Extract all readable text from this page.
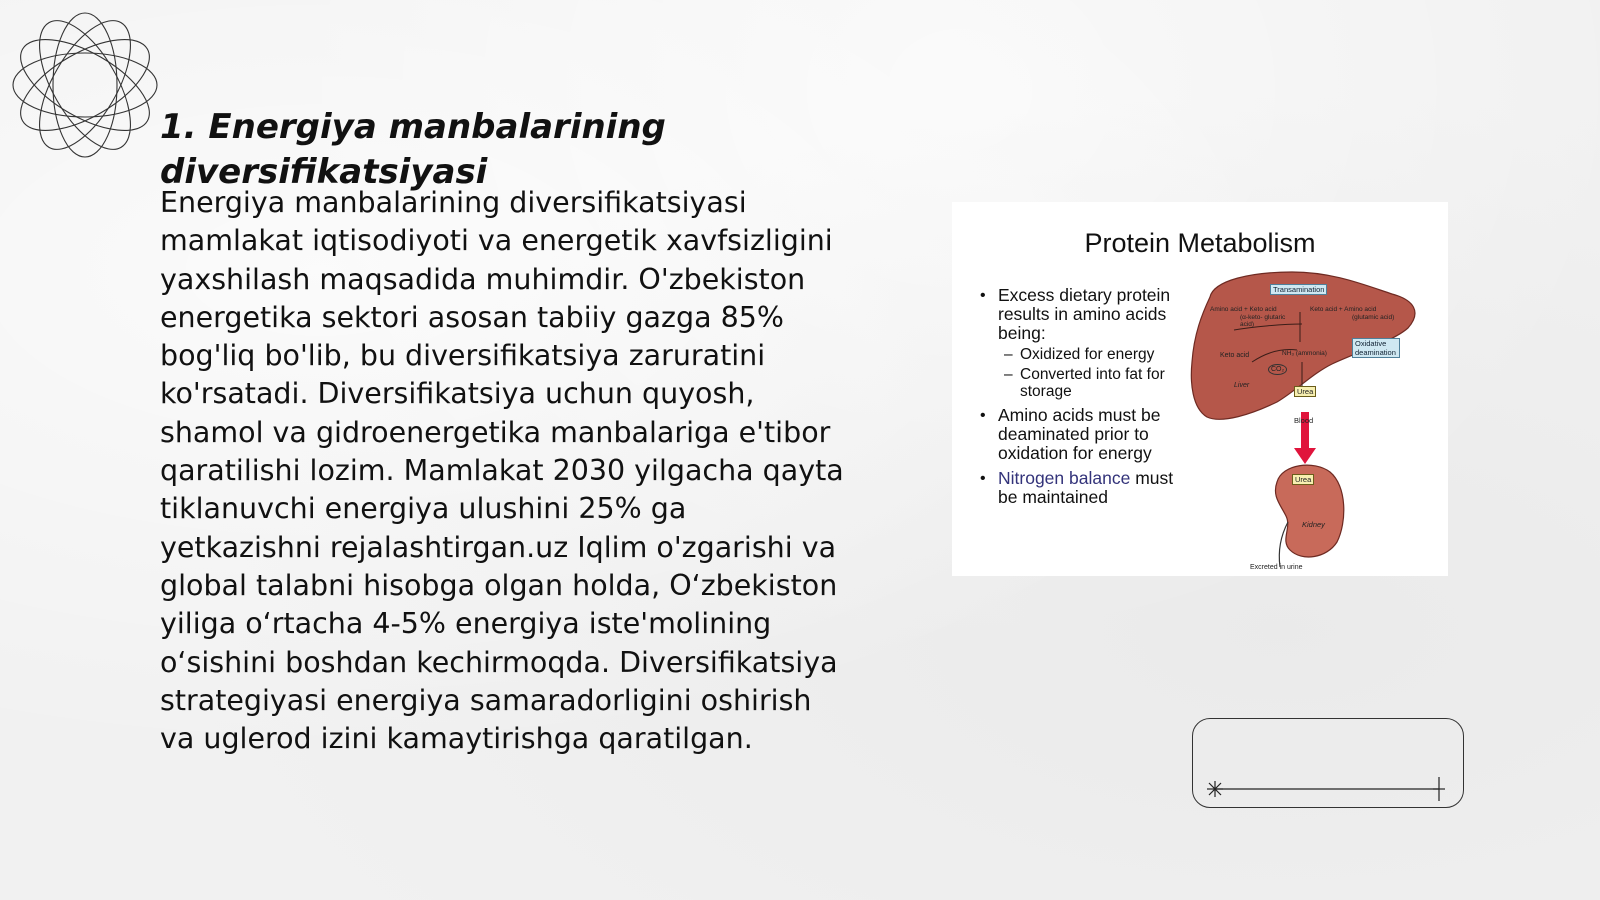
1. Energiya manbalarining diversifikatsiyasi

Energiya manbalarining diversifikatsiyasi mamlakat iqtisodiyoti va energetik xavfsizligini yaxshilash maqsadida muhimdir. O'zbekiston energetika sektori asosan tabiiy gazga 85% bog'liq bo'lib, bu diversifikatsiya zaruratini ko'rsatadi. Diversifikatsiya uchun quyosh, shamol va gidroenergetika manbalariga e'tibor qaratilishi lozim. Mamlakat 2030 yilgacha qayta tiklanuvchi energiya ulushini 25% ga yetkazishni rejalashtirgan.uz Iqlim o'zgarishi va global talabni hisobga olgan holda, O‘zbekiston yiliga o‘rtacha 4-5% energiya iste'molining o‘sishini boshdan kechirmoqda. Diversifikatsiya strategiyasi energiya samaradorligini oshirish va uglerod izini kamaytirishga qaratilgan.

Protein Metabolism
• Excess dietary protein results in amino acids being:
– Oxidized for energy
– Converted into fat for storage
• Amino acids must be deaminated prior to oxidation for energy
• Nitrogen balance must be maintained
Transamination
Amino acid + Keto acid
(α-keto- glutaric acid)
Keto acid + Amino acid
(glutamic acid)
Oxidative deamination
Keto acid	NH₃ (ammonia)
CO₂
Liver
Urea
Blood
Urea
Kidney
Excreted in urine
